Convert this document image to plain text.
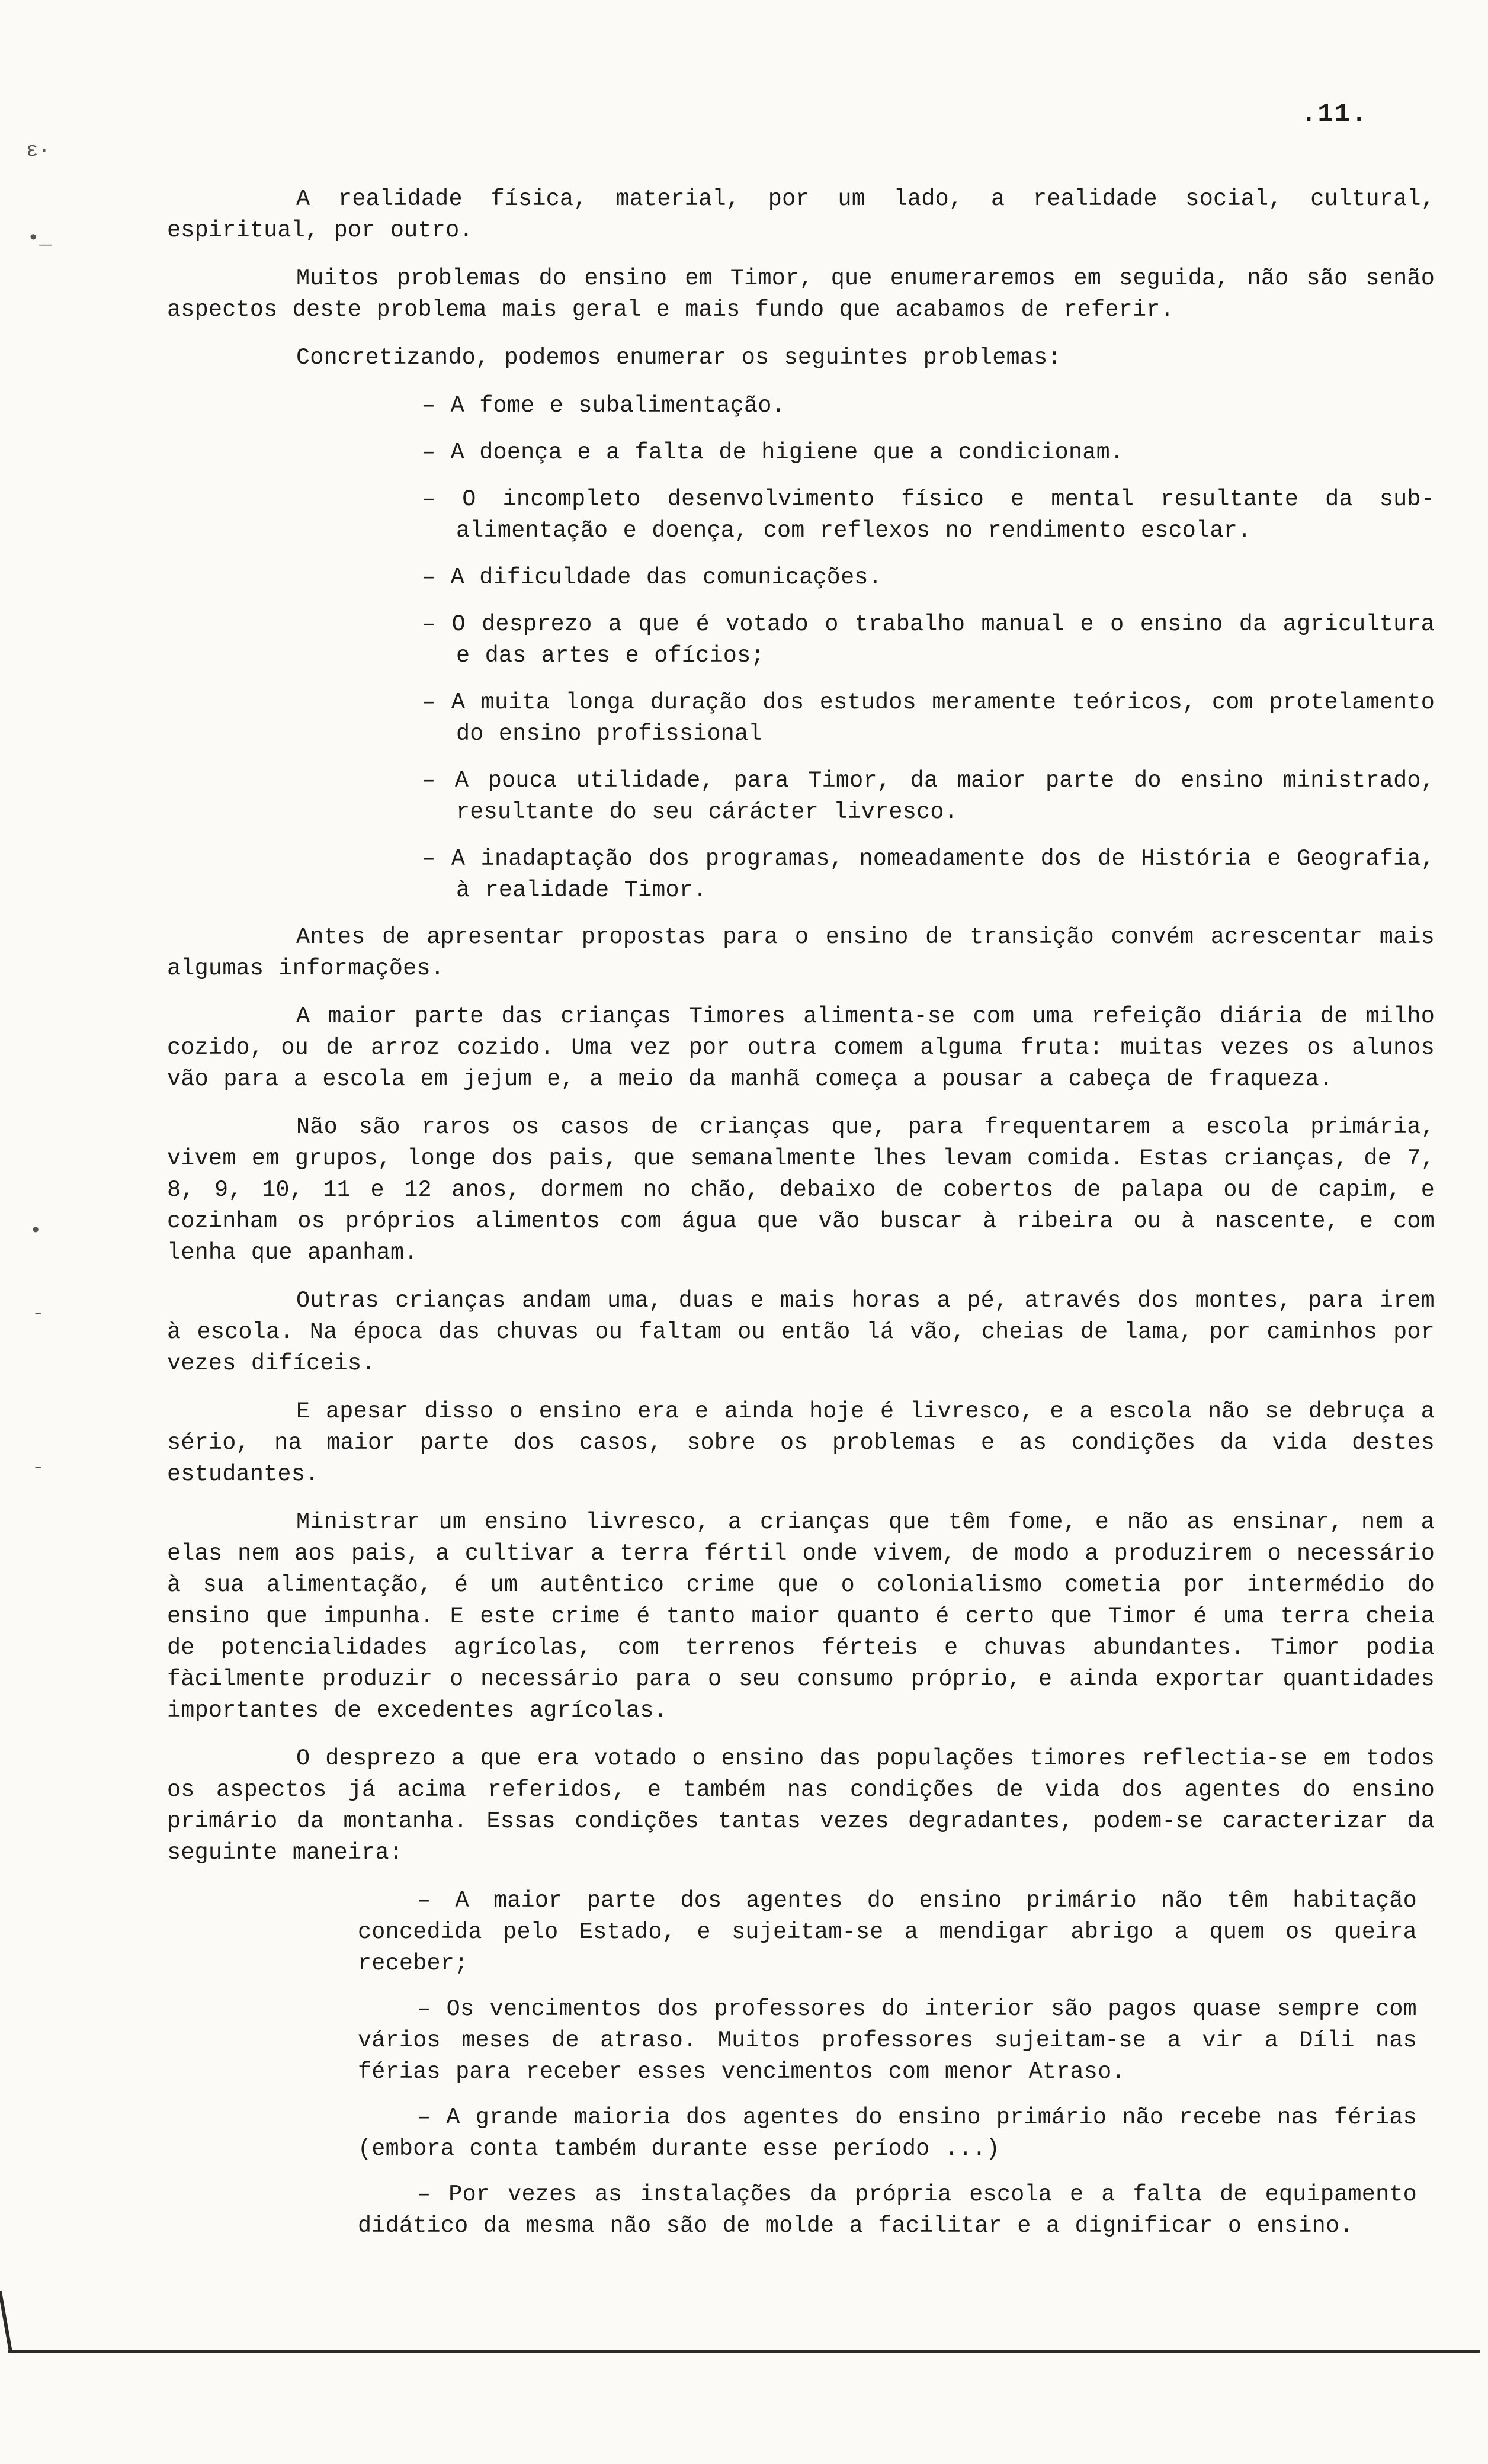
ε·
•_
•
-
-
.11.

A realidade física, material, por um lado, a realidade social, cultural, espiritual, por outro.

Muitos problemas do ensino em Timor, que enumeraremos em seguida, não são senão aspectos deste problema mais geral e mais fundo que acabamos de referir.

Concretizando, podemos enumerar os seguintes problemas:

– A fome e subalimentação.
– A doença e a falta de higiene que a condicionam.
– O incompleto desenvolvimento físico e mental resultante da sub-alimentação e doença, com reflexos no rendimento escolar.
– A dificuldade das comunicações.
– O desprezo a que é votado o trabalho manual e o ensino da agricultura e das artes e ofícios;
– A muita longa duração dos estudos meramente teóricos, com protelamento do ensino profissional
– A pouca utilidade, para Timor, da maior parte do ensino ministrado, resultante do seu cárácter livresco.
– A inadaptação dos programas, nomeadamente dos de História e Geografia, à realidade Timor.

Antes de apresentar propostas para o ensino de transição convém acrescentar mais algumas informações.

A maior parte das crianças Timores alimenta-se com uma refeição diária de milho cozido, ou de arroz cozido. Uma vez por outra comem alguma fruta: muitas vezes os alunos vão para a escola em jejum e, a meio da manhã começa a pousar a cabeça de fraqueza.

Não são raros os casos de crianças que, para frequentarem a escola primária, vivem em grupos, longe dos pais, que semanalmente lhes levam comida. Estas crianças, de 7, 8, 9, 10, 11 e 12 anos, dormem no chão, debaixo de cobertos de palapa ou de capim, e cozinham os próprios alimentos com água que vão buscar à ribeira ou à nascente, e com lenha que apanham.

Outras crianças andam uma, duas e mais horas a pé, através dos montes, para irem à escola. Na época das chuvas ou faltam ou então lá vão, cheias de lama, por caminhos por vezes difíceis.

E apesar disso o ensino era e ainda hoje é livresco, e a escola não se debruça a sério, na maior parte dos casos, sobre os problemas e as condições da vida destes estudantes.

Ministrar um ensino livresco, a crianças que têm fome, e não as ensinar, nem a elas nem aos pais, a cultivar a terra fértil onde vivem, de modo a produzirem o necessário à sua alimentação, é um autêntico crime que o colonialismo cometia por intermédio do ensino que impunha. E este crime é tanto maior quanto é certo que Timor é uma terra cheia de potencialidades agrícolas, com terrenos férteis e chuvas abundantes. Timor podia fàcilmente produzir o necessário para o seu consumo próprio, e ainda exportar quantidades importantes de excedentes agrícolas.

O desprezo a que era votado o ensino das populações timores reflectia-se em todos os aspectos já acima referidos, e também nas condições de vida dos agentes do ensino primário da montanha. Essas condições tantas vezes degradantes, podem-se caracterizar da seguinte maneira:

– A maior parte dos agentes do ensino primário não têm habitação concedida pelo Estado, e sujeitam-se a mendigar abrigo a quem os queira receber;
– Os vencimentos dos professores do interior são pagos quase sempre com vários meses de atraso. Muitos professores sujeitam-se a vir a Díli nas férias para receber esses vencimentos com menor Atraso.
– A grande maioria dos agentes do ensino primário não recebe nas férias (embora conta também durante esse período ...)
– Por vezes as instalações da própria escola e a falta de equipamento didático da mesma não são de molde a facilitar e a dignificar o ensino.
